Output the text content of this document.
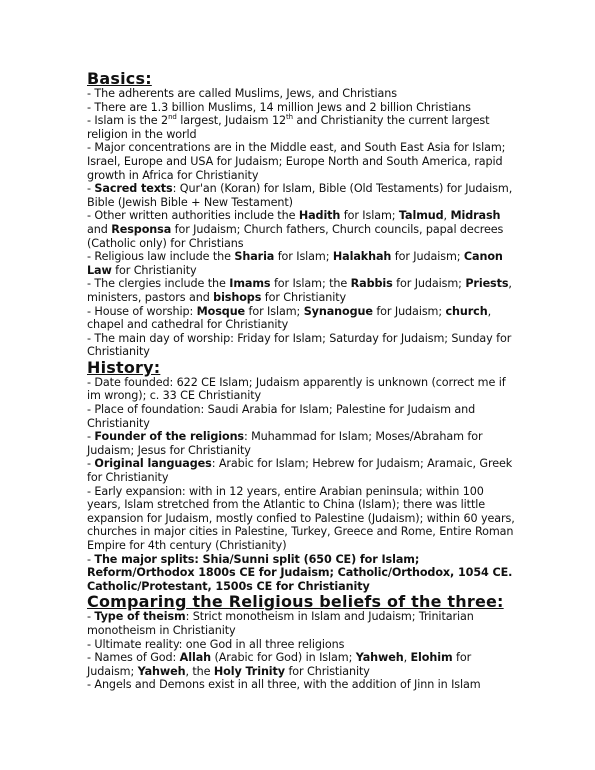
Basics:

- The adherents are called Muslims, Jews, and Christians

- There are 1.3 billion Muslims, 14 million Jews and 2 billion Christians

- Islam is the 2nd largest, Judaism 12th and Christianity the current largest religion in the world

- Major concentrations are in the Middle east, and South East Asia for Islam; Israel, Europe and USA for Judaism; Europe North and South America, rapid growth in Africa for Christianity

- Sacred texts: Qur'an (Koran) for Islam, Bible (Old Testaments) for Judaism, Bible (Jewish Bible + New Testament)

- Other written authorities include the Hadith for Islam; Talmud, Midrash and Responsa for Judaism; Church fathers, Church councils, papal decrees (Catholic only) for Christians

- Religious law include the Sharia for Islam; Halakhah for Judaism; Canon Law for Christianity

- The clergies include the Imams for Islam; the Rabbis for Judaism; Priests, ministers, pastors and bishops for Christianity

- House of worship: Mosque for Islam; Synanogue for Judaism; church, chapel and cathedral for Christianity

- The main day of worship: Friday for Islam; Saturday for Judaism; Sunday for Christianity

History:

- Date founded: 622 CE Islam; Judaism apparently is unknown (correct me if im wrong); c. 33 CE Christianity

- Place of foundation: Saudi Arabia for Islam; Palestine for Judaism and Christianity

- Founder of the religions: Muhammad for Islam; Moses/Abraham for Judaism; Jesus for Christianity

- Original languages: Arabic for Islam; Hebrew for Judaism; Aramaic, Greek for Christianity

- Early expansion: with in 12 years, entire Arabian peninsula; within 100 years, Islam stretched from the Atlantic to China (Islam); there was little expansion for Judaism, mostly confied to Palestine (Judaism); within 60 years, churches in major cities in Palestine, Turkey, Greece and Rome, Entire Roman Empire for 4th century (Christianity)

- The major splits: Shia/Sunni split (650 CE) for Islam; Reform/Orthodox 1800s CE for Judaism; Catholic/Orthodox, 1054 CE. Catholic/Protestant, 1500s CE for Christianity

Comparing the Religious beliefs of the three:

- Type of theism: Strict monotheism in Islam and Judaism; Trinitarian monotheism in Christianity

- Ultimate reality: one God in all three religions

- Names of God: Allah (Arabic for God) in Islam; Yahweh, Elohim for Judaism; Yahweh, the Holy Trinity for Christianity

- Angels and Demons exist in all three, with the addition of Jinn in Islam
